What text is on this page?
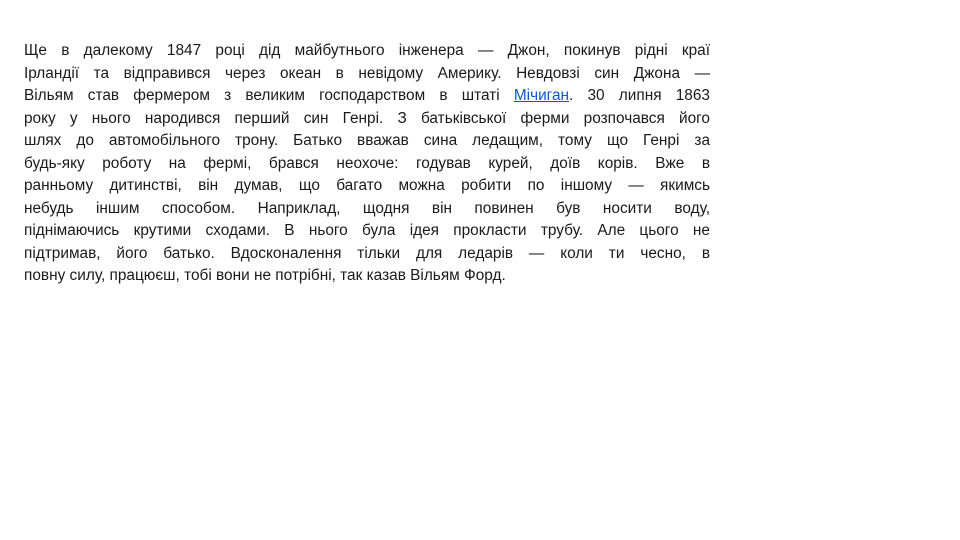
Ще в далекому 1847 році дід майбутнього інженера — Джон, покинув рідні краї
Ірландії та відправився через океан в невідому Америку. Невдовзі син Джона —
Вільям став фермером з великим господарством в штаті Мічиган. 30 липня 1863
року у нього народився перший син Генрі. З батьківської ферми розпочався його
шлях до автомобільного трону. Батько вважав сина ледащим, тому що Генрі за
будь-яку роботу на фермі, брався неохоче: годував курей, доїв корів. Вже в
ранньому дитинстві, він думав, що багато можна робити по іншому — якимсь
небудь іншим способом. Наприклад, щодня він повинен був носити воду,
піднімаючись крутими сходами. В нього була ідея прокласти трубу. Але цього не
підтримав, його батько. Вдосконалення тільки для ледарів — коли ти чесно, в
повну силу, працюєш, тобі вони не потрібні, так казав Вільям Форд.
